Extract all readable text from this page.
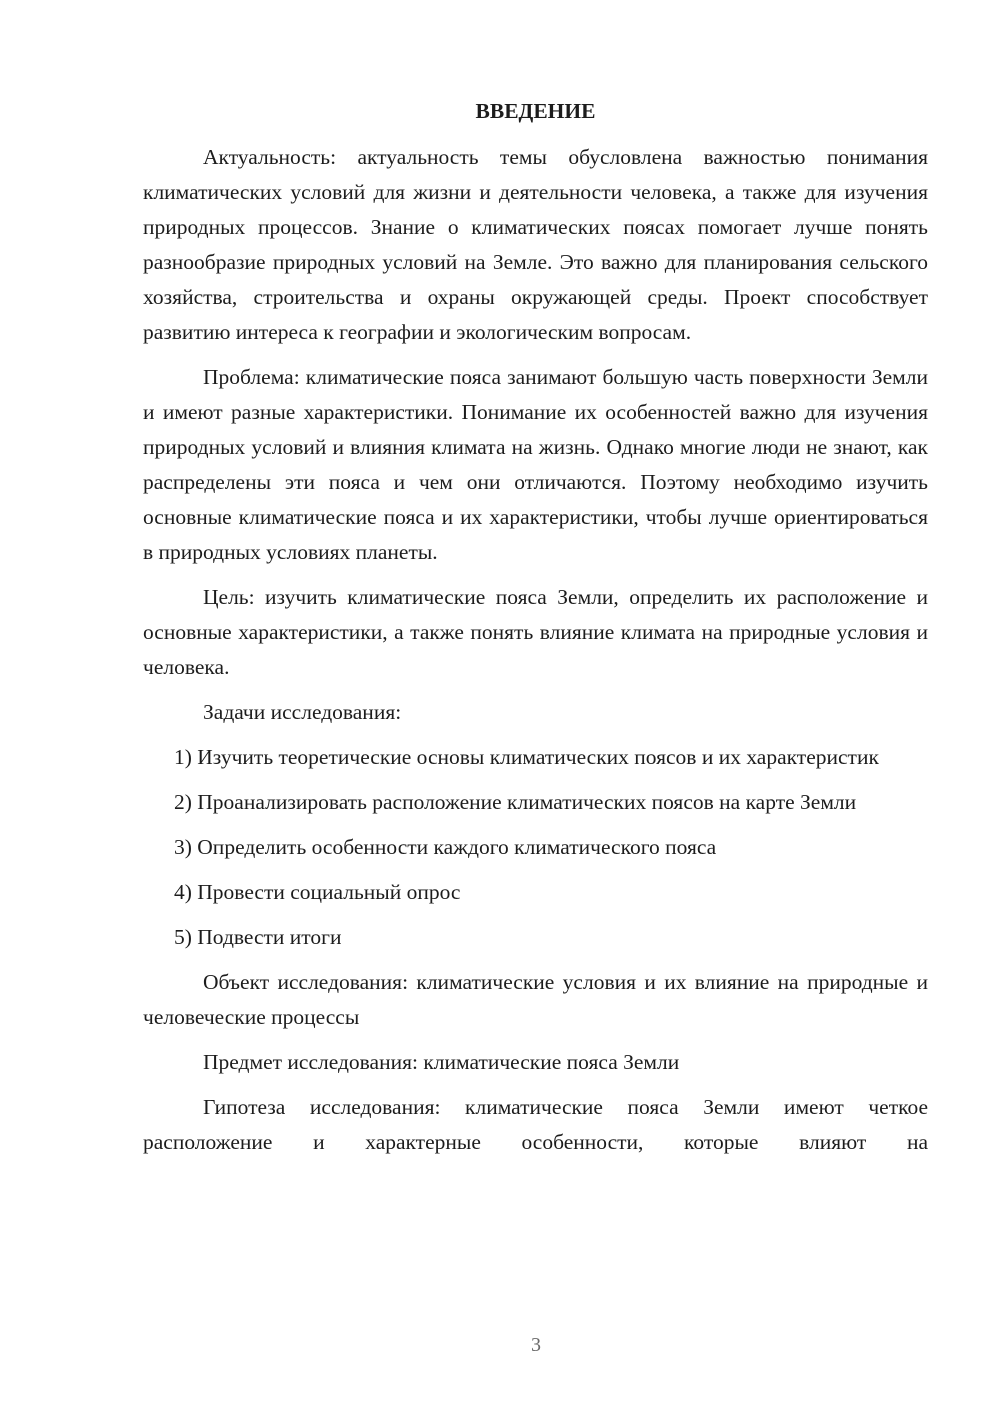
ВВЕДЕНИЕ

Актуальность: актуальность темы обусловлена важностью понимания климатических условий для жизни и деятельности человека, а также для изучения природных процессов. Знание о климатических поясах помогает лучше понять разнообразие природных условий на Земле. Это важно для планирования сельского хозяйства, строительства и охраны окружающей среды. Проект способствует развитию интереса к географии и экологическим вопросам.

Проблема: климатические пояса занимают большую часть поверхности Земли и имеют разные характеристики. Понимание их особенностей важно для изучения природных условий и влияния климата на жизнь. Однако многие люди не знают, как распределены эти пояса и чем они отличаются. Поэтому необходимо изучить основные климатические пояса и их характеристики, чтобы лучше ориентироваться в природных условиях планеты.

Цель: изучить климатические пояса Земли, определить их расположение и основные характеристики, а также понять влияние климата на природные условия и человека.

Задачи исследования:

1) Изучить теоретические основы климатических поясов и их характеристик

2) Проанализировать расположение климатических поясов на карте Земли

3) Определить особенности каждого климатического пояса

4) Провести социальный опрос

5) Подвести итоги

Объект исследования: климатические условия и их влияние на природные и человеческие процессы

Предмет исследования: климатические пояса Земли

Гипотеза исследования: климатические пояса Земли имеют четкое расположение и характерные особенности, которые влияют на

3
